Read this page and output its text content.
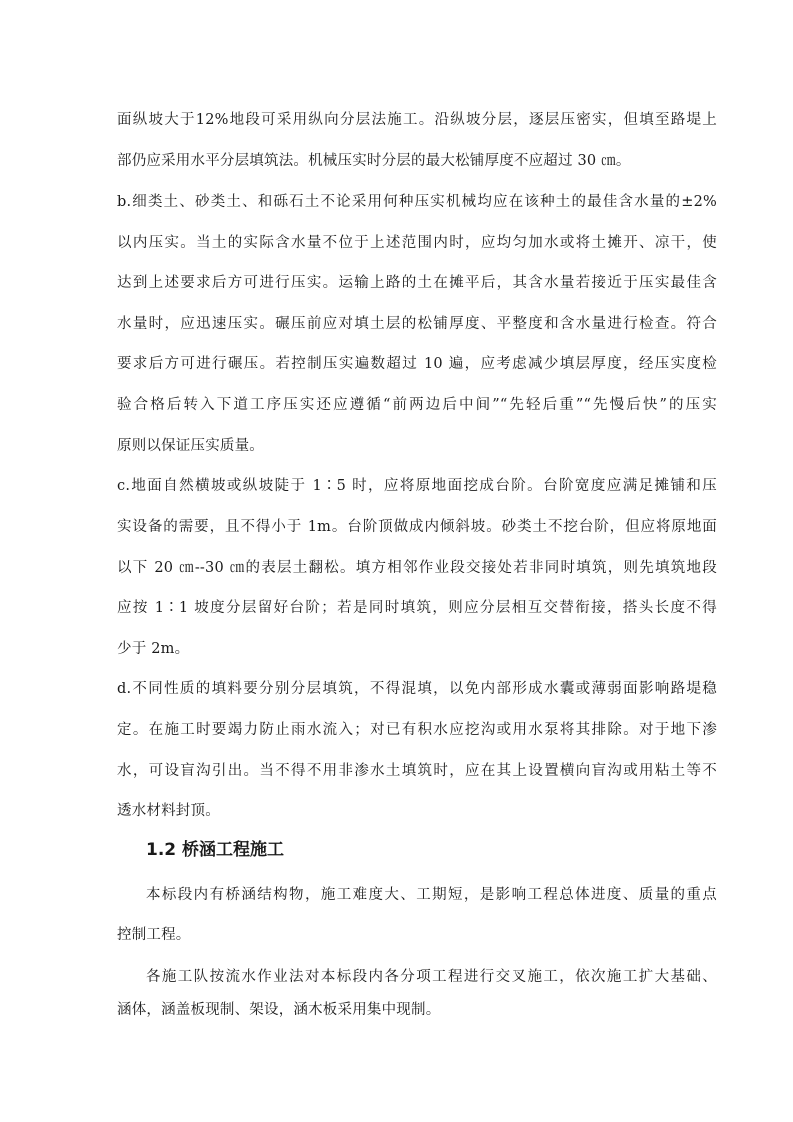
面纵坡大于12%地段可采用纵向分层法施工。沿纵坡分层，逐层压密实，但填至路堤上
部仍应采用水平分层填筑法。机械压实时分层的最大松铺厚度不应超过 30 ㎝。
b.细类土、砂类土、和砾石土不论采用何种压实机械均应在该种土的最佳含水量的±2%
以内压实。当土的实际含水量不位于上述范围内时，应均匀加水或将土摊开、凉干，使
达到上述要求后方可进行压实。运输上路的土在摊平后，其含水量若接近于压实最佳含
水量时，应迅速压实。碾压前应对填土层的松铺厚度、平整度和含水量进行检查。符合
要求后方可进行碾压。若控制压实遍数超过 10 遍，应考虑减少填层厚度，经压实度检
验合格后转入下道工序压实还应遵循“前两边后中间”“先轻后重”“先慢后快”的压实
原则以保证压实质量。
c.地面自然横坡或纵坡陡于 1∶5 时，应将原地面挖成台阶。台阶宽度应满足摊铺和压
实设备的需要，且不得小于 1m。台阶顶做成内倾斜坡。砂类土不挖台阶，但应将原地面
以下 20 ㎝--30 ㎝的表层土翻松。填方相邻作业段交接处若非同时填筑，则先填筑地段
应按 1∶1 坡度分层留好台阶；若是同时填筑，则应分层相互交替衔接，搭头长度不得
少于 2m。
d.不同性质的填料要分别分层填筑，不得混填，以免内部形成水囊或薄弱面影响路堤稳
定。在施工时要竭力防止雨水流入；对已有积水应挖沟或用水泵将其排除。对于地下渗
水，可设盲沟引出。当不得不用非渗水土填筑时，应在其上设置横向盲沟或用粘土等不
透水材料封顶。
1.2 桥涵工程施工
本标段内有桥涵结构物，施工难度大、工期短，是影响工程总体进度、质量的重点
控制工程。
各施工队按流水作业法对本标段内各分项工程进行交叉施工，依次施工扩大基础、
涵体，涵盖板现制、架设，涵木板采用集中现制。
